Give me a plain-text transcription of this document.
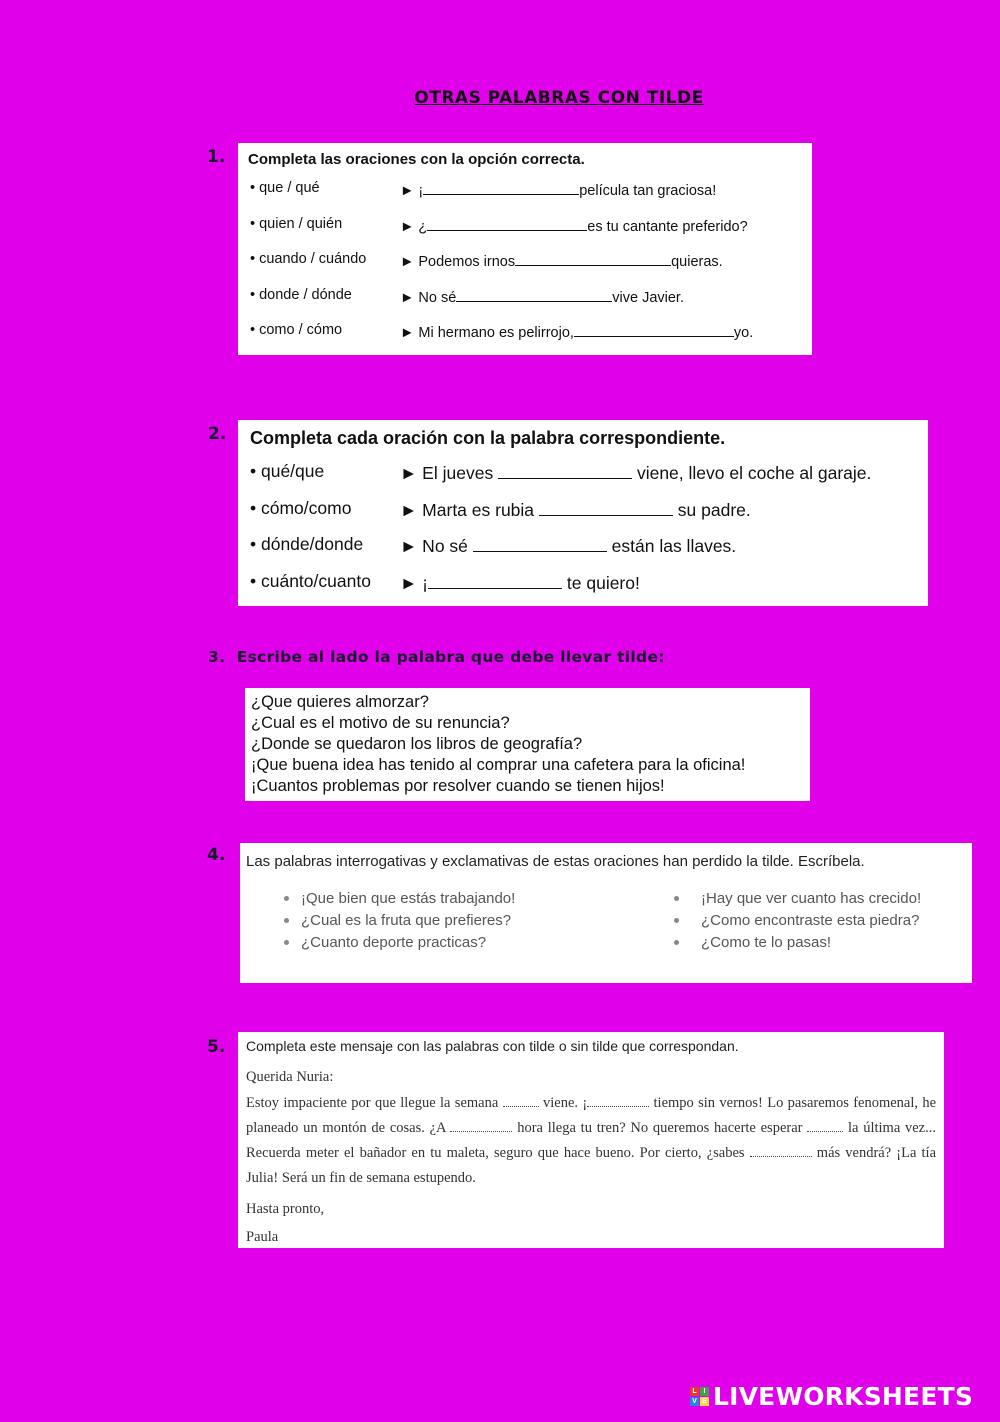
OTRAS PALABRAS CON TILDE
1. Completa las oraciones con la opción correcta.
• que / qué	► ¡	película tan graciosa!
• quien / quién	► ¿	es tu cantante preferido?
• cuando / cuándo	► Podemos irnos	quieras.
• donde / dónde	► No sé	vive Javier.
• como / cómo	► Mi hermano es pelirrojo,	yo.
2. Completa cada oración con la palabra correspondiente.
• qué/que	► El jueves	viene, llevo el coche al garaje.
• cómo/como	► Marta es rubia	su padre.
• dónde/donde	► No sé	están las llaves.
• cuánto/cuanto	► ¡	te quiero!
3. Escribe al lado la palabra que debe llevar tilde:
¿Que quieres almorzar?
¿Cual es el motivo de su renuncia?
¿Donde se quedaron los libros de geografía?
¡Que buena idea has tenido al comprar una cafetera para la oficina!
¡Cuantos problemas por resolver cuando se tienen hijos!
4. Las palabras interrogativas y exclamativas de estas oraciones han perdido la tilde. Escríbela.
¡Que bien que estás trabajando!	¡Hay que ver cuanto has crecido!
¿Cual es la fruta que prefieres?	¿Como encontraste esta piedra?
¿Cuanto deporte practicas?	¿Como te lo pasas!
5. Completa este mensaje con las palabras con tilde o sin tilde que correspondan.
Querida Nuria:
Estoy impaciente por que llegue la semana	viene. ¡	tiempo sin vernos! Lo pasaremos fenomenal, he planeado un montón de cosas. ¿A	hora llega tu tren? No queremos hacerte esperar	la última vez... Recuerda meter el bañador en tu maleta, seguro que hace bueno. Por cierto, ¿sabes	más vendrá? ¡La tía Julia! Será un fin de semana estupendo.
Hasta pronto,
Paula
L I
V E LIVEWORKSHEETS
